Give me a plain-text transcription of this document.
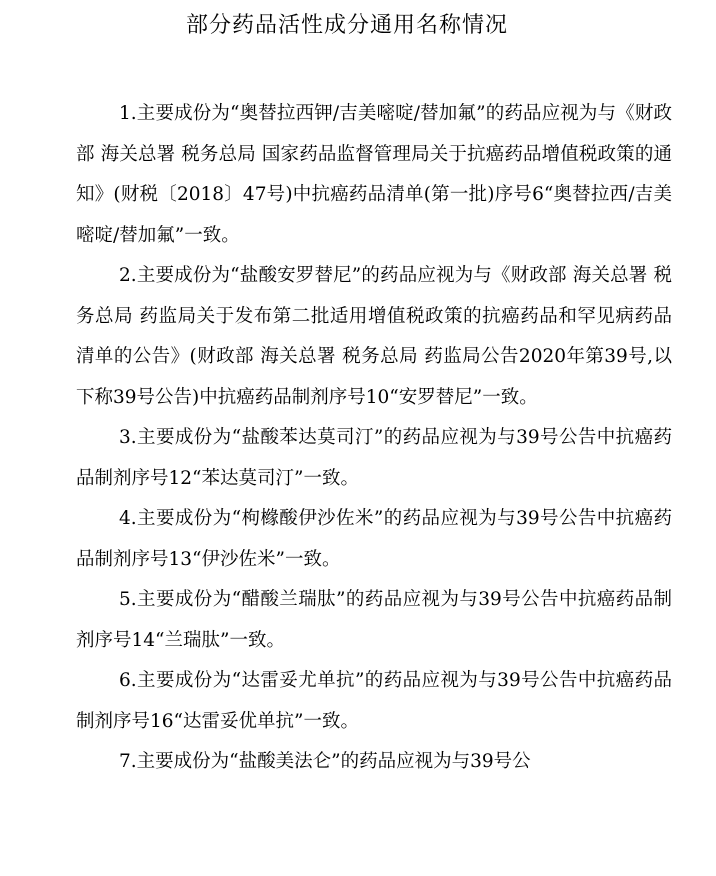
部分药品活性成分通用名称情况

1.主要成份为“奥替拉西钾/吉美嘧啶/替加氟”的药品应视为与《财政部 海关总署 税务总局 国家药品监督管理局关于抗癌药品增值税政策的通知》(财税〔2018〕47号)中抗癌药品清单(第一批)序号6“奥替拉西/吉美嘧啶/替加氟”一致。

2.主要成份为“盐酸安罗替尼”的药品应视为与《财政部 海关总署 税务总局 药监局关于发布第二批适用增值税政策的抗癌药品和罕见病药品清单的公告》(财政部 海关总署 税务总局 药监局公告2020年第39号,以下称39号公告)中抗癌药品制剂序号10“安罗替尼”一致。

3.主要成份为“盐酸苯达莫司汀”的药品应视为与39号公告中抗癌药品制剂序号12“苯达莫司汀”一致。

4.主要成份为“枸橼酸伊沙佐米”的药品应视为与39号公告中抗癌药品制剂序号13“伊沙佐米”一致。

5.主要成份为“醋酸兰瑞肽”的药品应视为与39号公告中抗癌药品制剂序号14“兰瑞肽”一致。

6.主要成份为“达雷妥尤单抗”的药品应视为与39号公告中抗癌药品制剂序号16“达雷妥优单抗”一致。

7.主要成份为“盐酸美法仑”的药品应视为与39号公
